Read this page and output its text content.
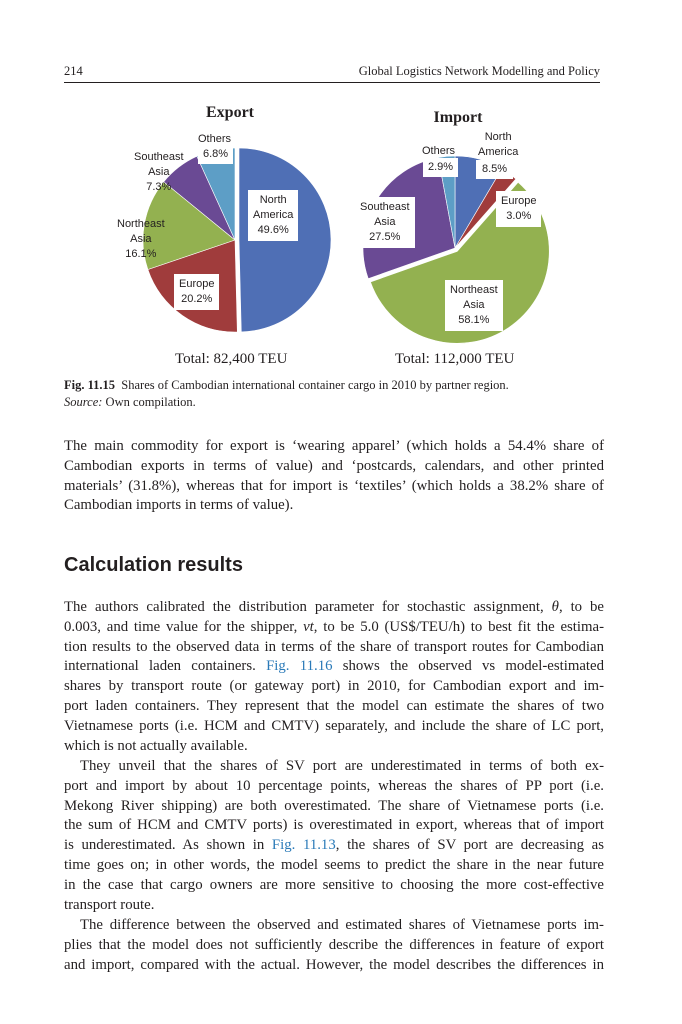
214	Global Logistics Network Modelling and Policy
Export	Import
Others
6.8%
Southeast
Asia
7.3%
Northeast
Asia
16.1%
North
America
49.6%
Europe
20.2%
Others
2.9%
North
America
8.5%
Europe
3.0%
Southeast
Asia
27.5%
Northeast
Asia
58.1%
Total: 82,400 TEU	Total: 112,000 TEU
Fig. 11.15 Shares of Cambodian international container cargo in 2010 by partner region.
Source: Own compilation.
The main commodity for export is ‘wearing apparel’ (which holds a 54.4% share of
Cambodian exports in terms of value) and ‘postcards, calendars, and other printed
materials’ (31.8%), whereas that for import is ‘textiles’ (which holds a 38.2% share of
Cambodian imports in terms of value).
Calculation results
The authors calibrated the distribution parameter for stochastic assignment, θ, to be
0.003, and time value for the shipper, vt, to be 5.0 (US$/TEU/h) to best fit the estima-
tion results to the observed data in terms of the share of transport routes for Cambodian
international laden containers. Fig. 11.16 shows the observed vs model-estimated
shares by transport route (or gateway port) in 2010, for Cambodian export and im-
port laden containers. They represent that the model can estimate the shares of two
Vietnamese ports (i.e. HCM and CMTV) separately, and include the share of LC port,
which is not actually available.
They unveil that the shares of SV port are underestimated in terms of both ex-
port and import by about 10 percentage points, whereas the shares of PP port (i.e.
Mekong River shipping) are both overestimated. The share of Vietnamese ports (i.e.
the sum of HCM and CMTV ports) is overestimated in export, whereas that of import
is underestimated. As shown in Fig. 11.13, the shares of SV port are decreasing as
time goes on; in other words, the model seems to predict the share in the near future
in the case that cargo owners are more sensitive to choosing the more cost-effective
transport route.
The difference between the observed and estimated shares of Vietnamese ports im-
plies that the model does not sufficiently describe the differences in feature of export
and import, compared with the actual. However, the model describes the differences in
